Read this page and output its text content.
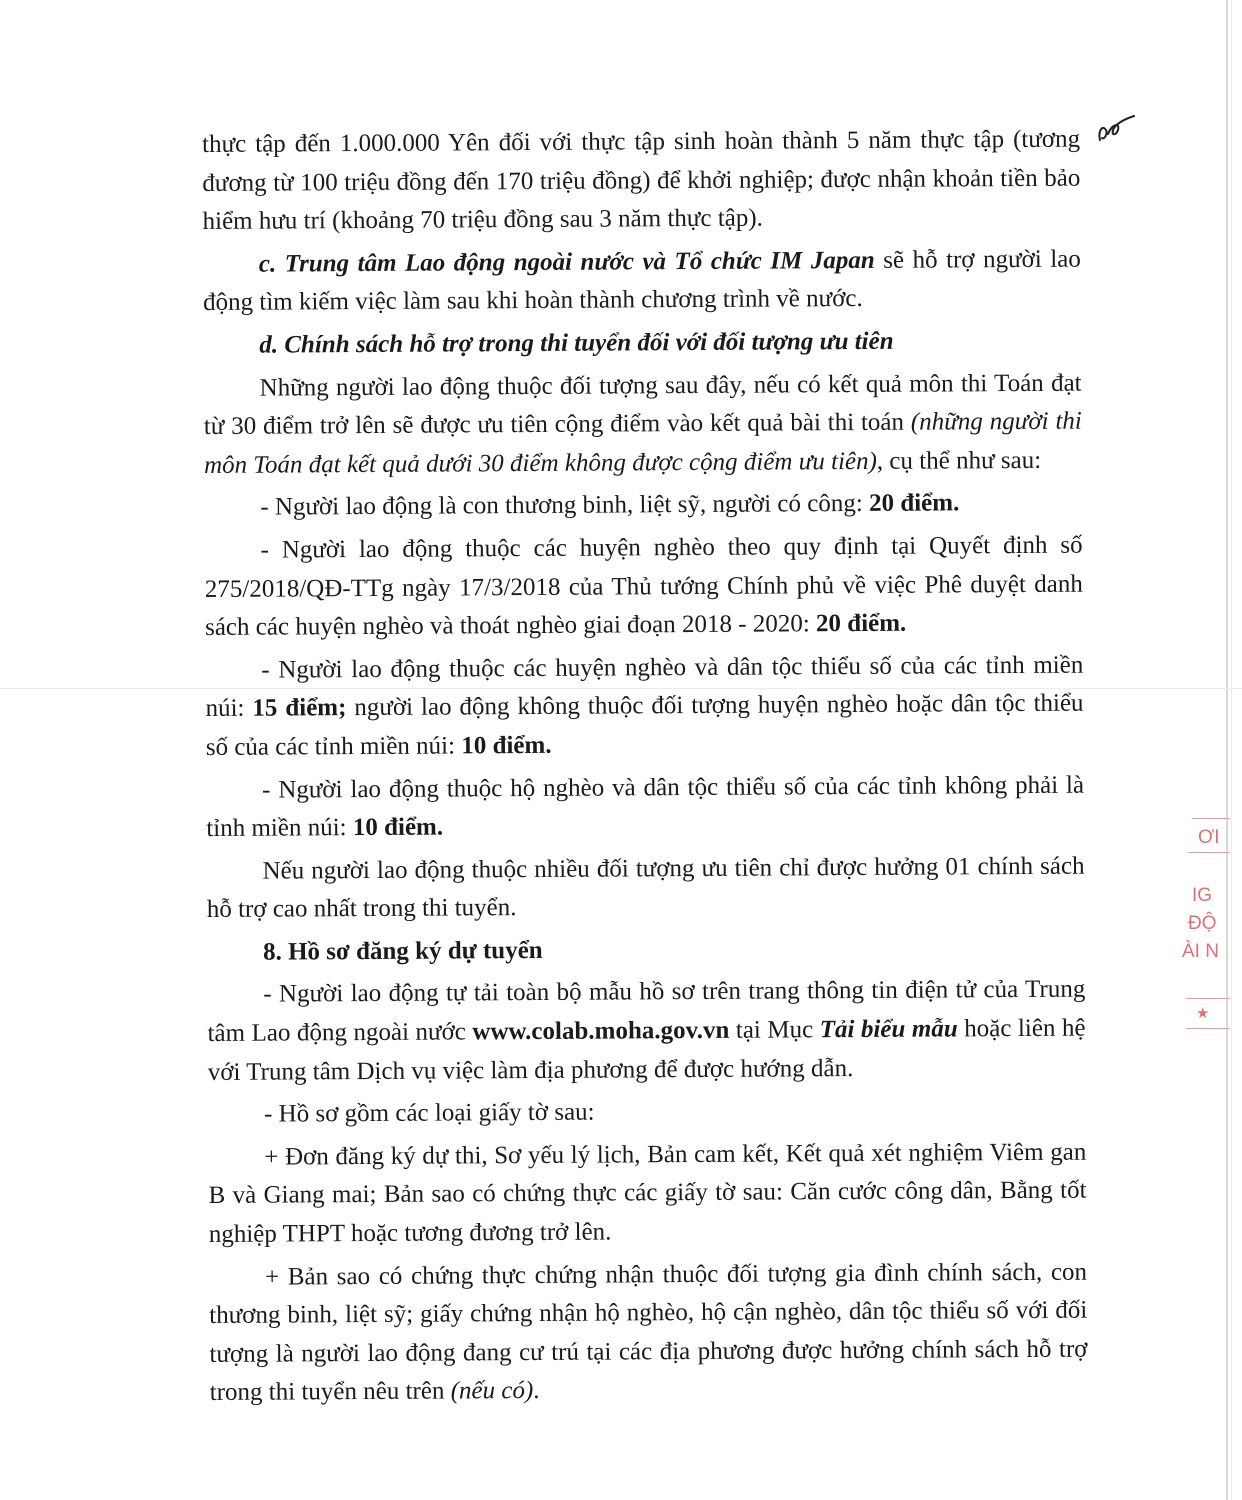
thực tập đến 1.000.000 Yên đối với thực tập sinh hoàn thành 5 năm thực tập (tương đương từ 100 triệu đồng đến 170 triệu đồng) để khởi nghiệp; được nhận khoản tiền bảo hiểm hưu trí (khoảng 70 triệu đồng sau 3 năm thực tập).

c. Trung tâm Lao động ngoài nước và Tổ chức IM Japan sẽ hỗ trợ người lao động tìm kiếm việc làm sau khi hoàn thành chương trình về nước.

d. Chính sách hỗ trợ trong thi tuyển đối với đối tượng ưu tiên

Những người lao động thuộc đối tượng sau đây, nếu có kết quả môn thi Toán đạt từ 30 điểm trở lên sẽ được ưu tiên cộng điểm vào kết quả bài thi toán (những người thi môn Toán đạt kết quả dưới 30 điểm không được cộng điểm ưu tiên), cụ thể như sau:

- Người lao động là con thương binh, liệt sỹ, người có công: 20 điểm.

- Người lao động thuộc các huyện nghèo theo quy định tại Quyết định số 275/2018/QĐ-TTg ngày 17/3/2018 của Thủ tướng Chính phủ về việc Phê duyệt danh sách các huyện nghèo và thoát nghèo giai đoạn 2018 - 2020: 20 điểm.

- Người lao động thuộc các huyện nghèo và dân tộc thiểu số của các tỉnh miền núi: 15 điểm; người lao động không thuộc đối tượng huyện nghèo hoặc dân tộc thiểu số của các tỉnh miền núi: 10 điểm.

- Người lao động thuộc hộ nghèo và dân tộc thiểu số của các tỉnh không phải là tỉnh miền núi: 10 điểm.

Nếu người lao động thuộc nhiều đối tượng ưu tiên chỉ được hưởng 01 chính sách hỗ trợ cao nhất trong thi tuyển.

8. Hồ sơ đăng ký dự tuyển

- Người lao động tự tải toàn bộ mẫu hồ sơ trên trang thông tin điện tử của Trung tâm Lao động ngoài nước www.colab.moha.gov.vn tại Mục Tải biểu mẫu hoặc liên hệ với Trung tâm Dịch vụ việc làm địa phương để được hướng dẫn.

- Hồ sơ gồm các loại giấy tờ sau:

+ Đơn đăng ký dự thi, Sơ yếu lý lịch, Bản cam kết, Kết quả xét nghiệm Viêm gan B và Giang mai; Bản sao có chứng thực các giấy tờ sau: Căn cước công dân, Bằng tốt nghiệp THPT hoặc tương đương trở lên.

+ Bản sao có chứng thực chứng nhận thuộc đối tượng gia đình chính sách, con thương binh, liệt sỹ; giấy chứng nhận hộ nghèo, hộ cận nghèo, dân tộc thiểu số với đối tượng là người lao động đang cư trú tại các địa phương được hưởng chính sách hỗ trợ trong thi tuyển nêu trên (nếu có).

ƠI
IG
ĐỘ
ÀI N
★
